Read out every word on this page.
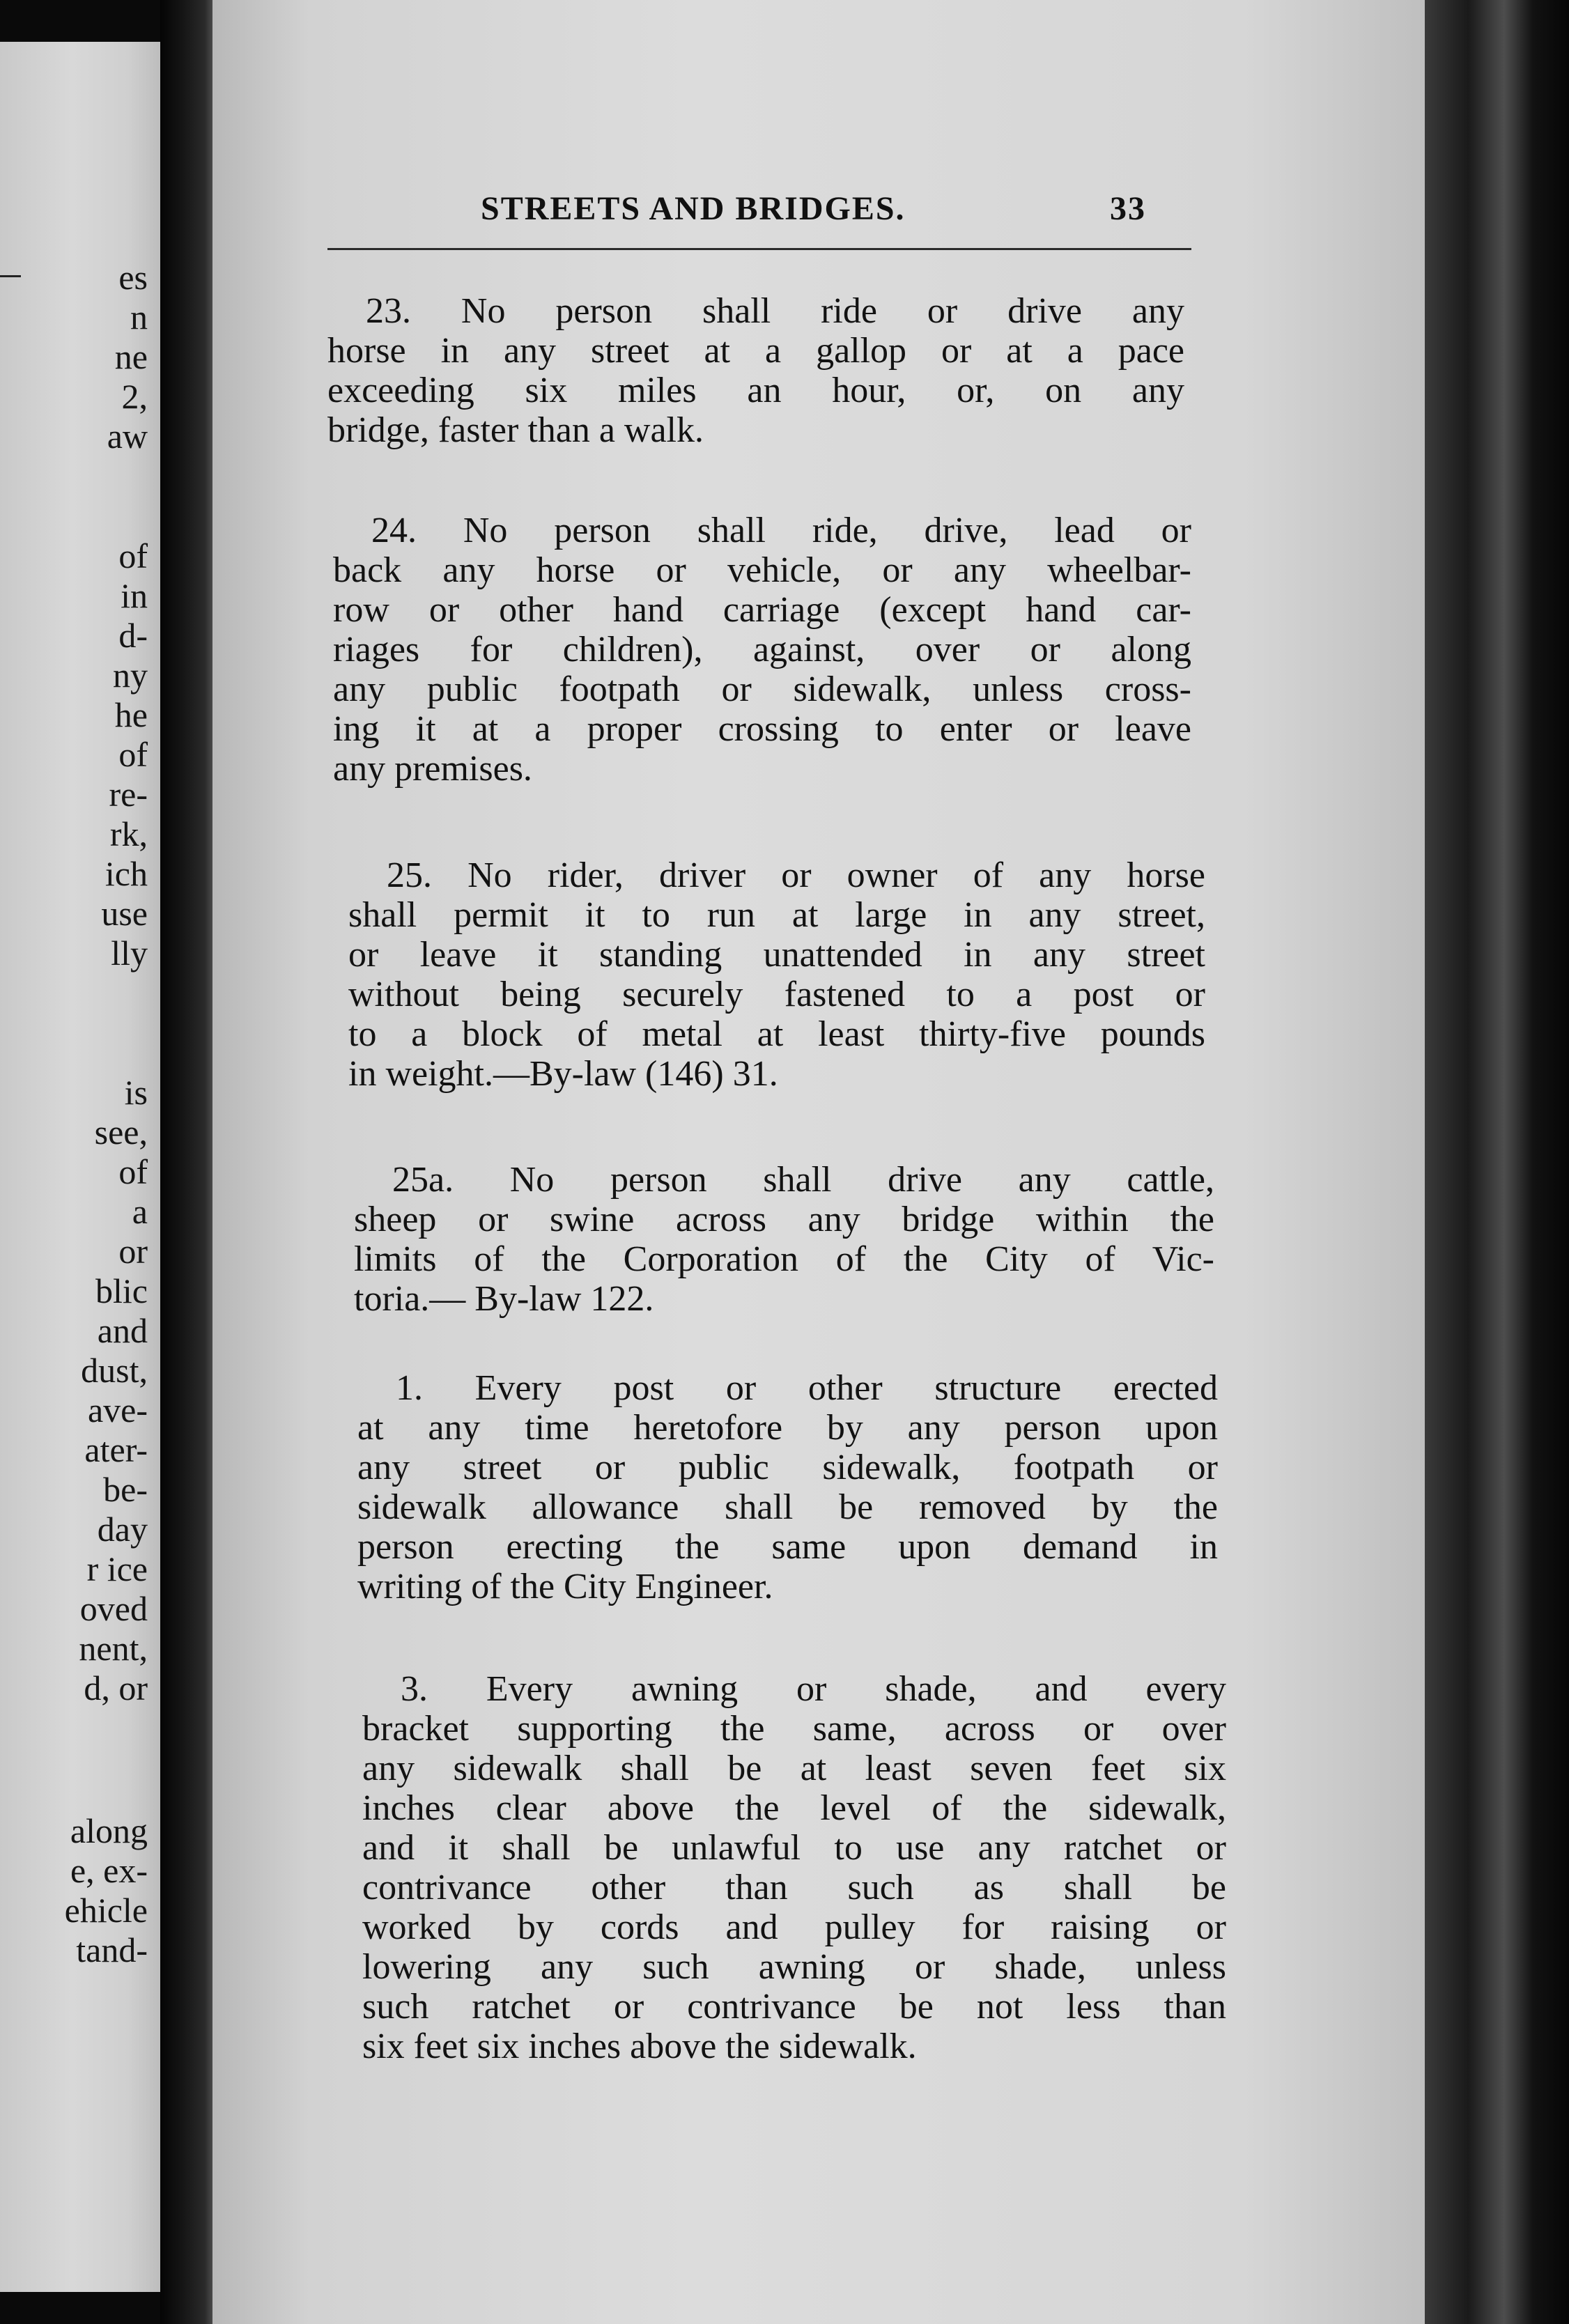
es
n
ne
2,
aw
of
in
d-
ny
he
of
re-
rk,
ich
use
lly
is
see,
of
a
or
blic
and
dust,
ave-
ater-
be-
day
r ice
oved
nent,
d, or
along
e, ex-
ehicle
tand-
STREETS AND BRIDGES.	33
23. No person shall ride or drive any
horse in any street at a gallop or at a pace
exceeding six miles an hour, or, on any
bridge, faster than a walk.
24. No person shall ride, drive, lead or
back any horse or vehicle, or any wheelbar-
row or other hand carriage (except hand car-
riages for children), against, over or along
any public footpath or sidewalk, unless cross-
ing it at a proper crossing to enter or leave
any premises.
25. No rider, driver or owner of any horse
shall permit it to run at large in any street,
or leave it standing unattended in any street
without being securely fastened to a post or
to a block of metal at least thirty-five pounds
in weight.—By-law (146) 31.
25a. No person shall drive any cattle,
sheep or swine across any bridge within the
limits of the Corporation of the City of Vic-
toria.— By-law 122.
1. Every post or other structure erected
at any time heretofore by any person upon
any street or public sidewalk, footpath or
sidewalk allowance shall be removed by the
person erecting the same upon demand in
writing of the City Engineer.
3. Every awning or shade, and every
bracket supporting the same, across or over
any sidewalk shall be at least seven feet six
inches clear above the level of the sidewalk,
and it shall be unlawful to use any ratchet or
contrivance other than such as shall be
worked by cords and pulley for raising or
lowering any such awning or shade, unless
such ratchet or contrivance be not less than
six feet six inches above the sidewalk.
